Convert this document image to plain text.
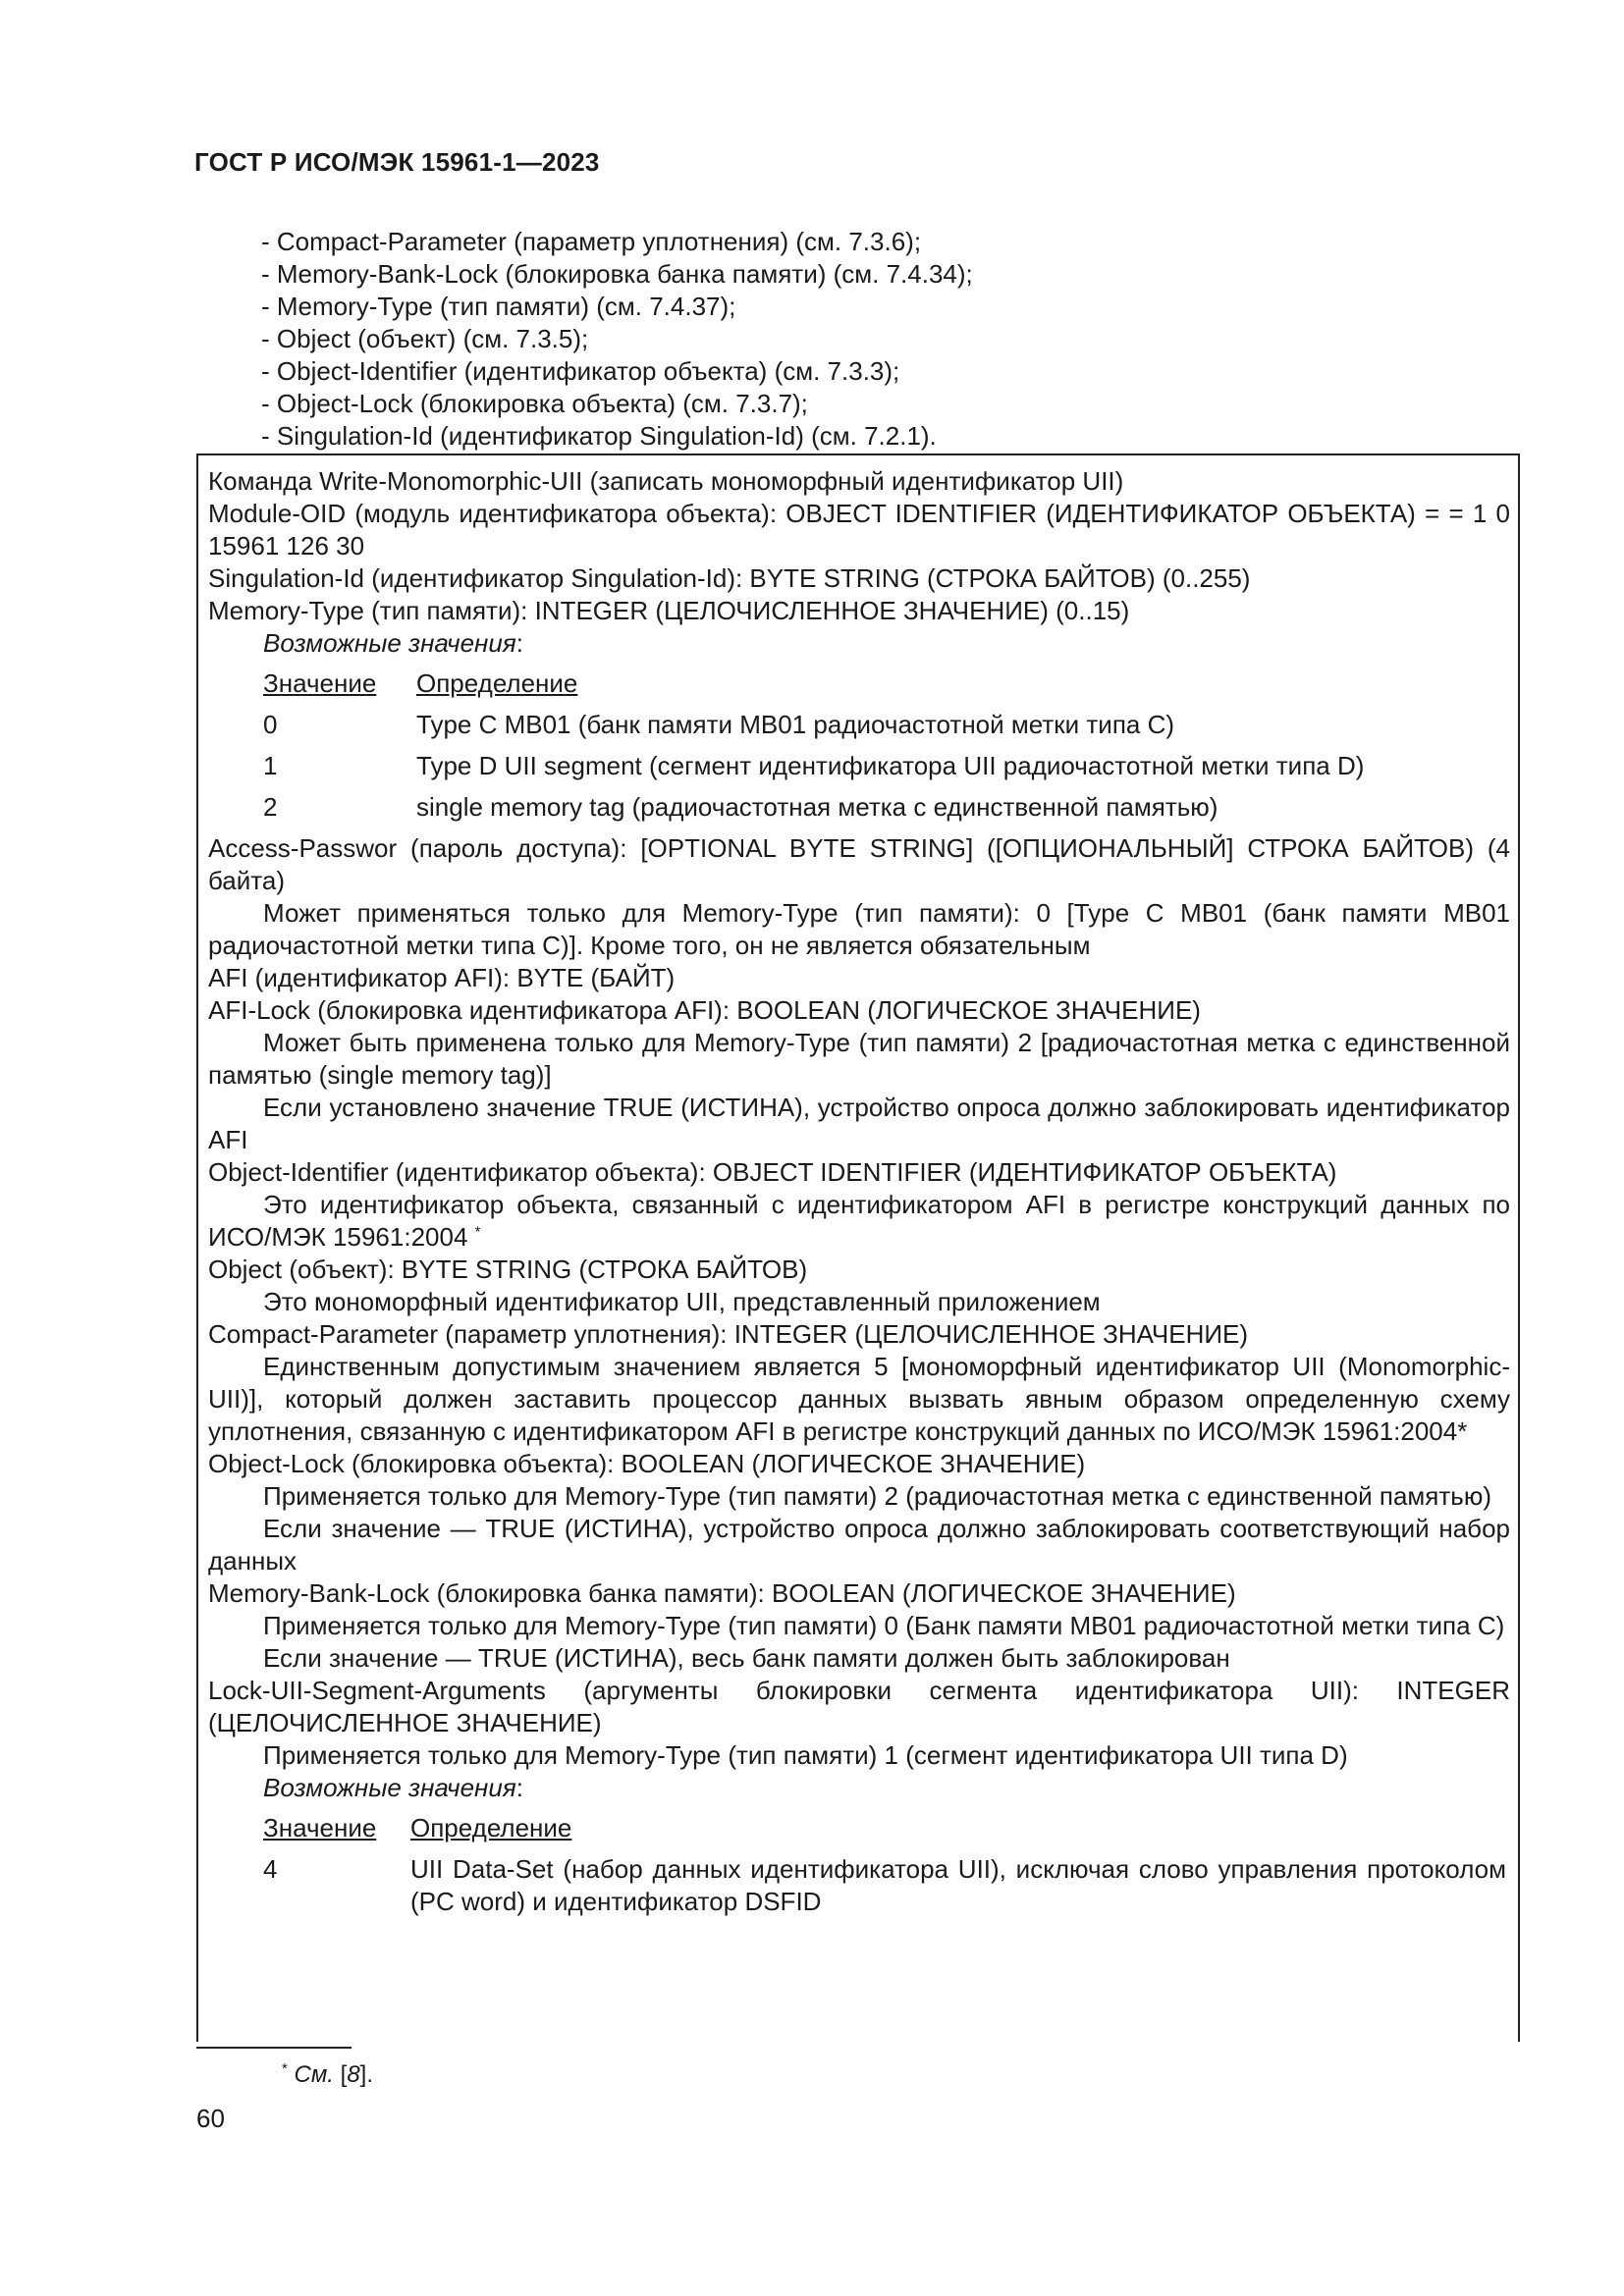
ГОСТ Р ИСО/МЭК 15961-1—2023
- Compact-Parameter (параметр уплотнения) (см. 7.3.6);
- Memory-Bank-Lock (блокировка банка памяти) (см. 7.4.34);
- Memory-Type (тип памяти) (см. 7.4.37);
- Object (объект) (см. 7.3.5);
- Object-Identifier (идентификатор объекта) (см. 7.3.3);
- Object-Lock (блокировка объекта) (см. 7.3.7);
- Singulation-Id (идентификатор Singulation-Id) (см. 7.2.1).
Команда Write-Monomorphic-UII (записать мономорфный идентификатор UII)
Module-OID (модуль идентификатора объекта): OBJECT IDENTIFIER (ИДЕНТИФИКАТОР ОБЪЕКТА) = = 1 0 15961 126 30
Singulation-Id (идентификатор Singulation-Id): BYTE STRING (СТРОКА БАЙТОВ) (0..255)
Memory-Type (тип памяти): INTEGER (ЦЕЛОЧИСЛЕННОЕ ЗНАЧЕНИЕ) (0..15)
Возможные значения:
Значение	Определение
0	Type C MB01 (банк памяти MB01 радиочастотной метки типа C)
1	Type D UII segment (сегмент идентификатора UII радиочастотной метки типа D)
2	single memory tag (радиочастотная метка с единственной памятью)
Access-Passwor (пароль доступа): [OPTIONAL BYTE STRING] ([ОПЦИОНАЛЬНЫЙ] СТРОКА БАЙТОВ) (4 байта)
Может применяться только для Memory-Type (тип памяти): 0 [Type C MB01 (банк памяти MB01 радиочастотной метки типа C)]. Кроме того, он не является обязательным
AFI (идентификатор AFI): BYTE (БАЙТ)
AFI-Lock (блокировка идентификатора AFI): BOOLEAN (ЛОГИЧЕСКОЕ ЗНАЧЕНИЕ)
Может быть применена только для Memory-Type (тип памяти) 2 [радиочастотная метка с единственной памятью (single memory tag)]
Если установлено значение TRUE (ИСТИНА), устройство опроса должно заблокировать идентификатор AFI
Object-Identifier (идентификатор объекта): OBJECT IDENTIFIER (ИДЕНТИФИКАТОР ОБЪЕКТА)
Это идентификатор объекта, связанный с идентификатором AFI в регистре конструкций данных по ИСО/МЭК 15961:2004 *
Object (объект): BYTE STRING (СТРОКА БАЙТОВ)
Это мономорфный идентификатор UII, представленный приложением
Compact-Parameter (параметр уплотнения): INTEGER (ЦЕЛОЧИСЛЕННОЕ ЗНАЧЕНИЕ)
Единственным допустимым значением является 5 [мономорфный идентификатор UII (Monomorphic-UII)], который должен заставить процессор данных вызвать явным образом определенную схему уплотнения, связанную с идентификатором AFI в регистре конструкций данных по ИСО/МЭК 15961:2004*
Object-Lock (блокировка объекта): BOOLEAN (ЛОГИЧЕСКОЕ ЗНАЧЕНИЕ)
Применяется только для Memory-Type (тип памяти) 2 (радиочастотная метка с единственной памятью)
Если значение — TRUE (ИСТИНА), устройство опроса должно заблокировать соответствующий набор данных
Memory-Bank-Lock (блокировка банка памяти): BOOLEAN (ЛОГИЧЕСКОЕ ЗНАЧЕНИЕ)
Применяется только для Memory-Type (тип памяти) 0 (Банк памяти MB01 радиочастотной метки типа C)
Если значение — TRUE (ИСТИНА), весь банк памяти должен быть заблокирован
Lock-UII-Segment-Arguments (аргументы блокировки сегмента идентификатора UII): INTEGER (ЦЕЛОЧИСЛЕННОЕ ЗНАЧЕНИЕ)
Применяется только для Memory-Type (тип памяти) 1 (сегмент идентификатора UII типа D)
Возможные значения:
Значение	Определение
4	UII Data-Set (набор данных идентификатора UII), исключая слово управления протоколом (PC word) и идентификатор DSFID
* См. [8].
60
